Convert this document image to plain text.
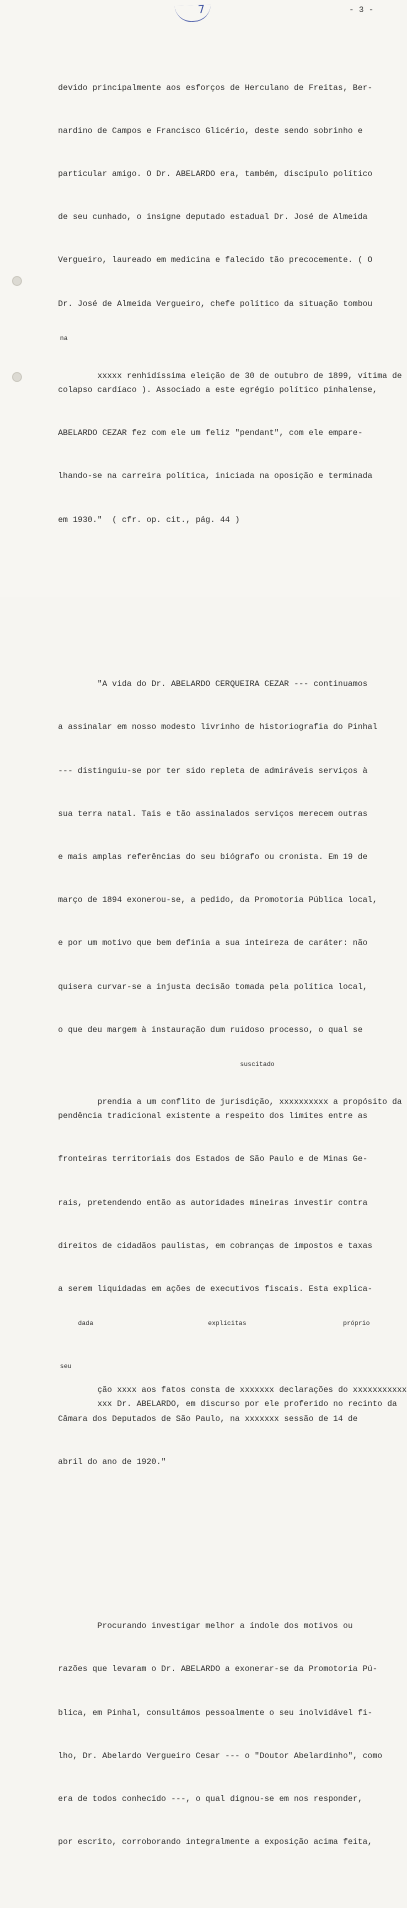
7	- 3 -

devido principalmente aos esforços de Herculano de Freitas, Ber-

nardino de Campos e Francisco Glicério, deste sendo sobrinho e

particular amigo. O Dr. ABELARDO era, também, discípulo político

de seu cunhado, o insigne deputado estadual Dr. José de Almeida

Vergueiro, laureado em medicina e falecido tão precocemente. ( O

Dr. José de Almeida Vergueiro, chefe político da situação tombou

na

xxxxx renhidíssima eleição de 30 de outubro de 1899, vítima de

colapso cardíaco ). Associado a este egrégio político pinhalense,

ABELARDO CEZAR fez com ele um feliz "pendant", com ele empare-

lhando-se na carreira política, iniciada na oposição e terminada

em 1930."  ( cfr. op. cit., pág. 44 )

"A vida do Dr. ABELARDO CERQUEIRA CEZAR --- continuamos

a assinalar em nosso modesto livrinho de historiografia do Pinhal

--- distinguiu-se por ter sido repleta de admiráveis serviços à

sua terra natal. Tais e tão assinalados serviços merecem outras

e mais amplas referências do seu biógrafo ou cronista. Em 19 de

março de 1894 exonerou-se, a pedido, da Promotoria Pública local,

e por um motivo que bem definia a sua inteireza de caráter: não

quisera curvar-se a injusta decisão tomada pela política local,

o que deu margem à instauração dum ruidoso processo, o qual se

suscitado

prendia a um conflito de jurisdição, xxxxxxxxxx a propósito da

pendência tradicional existente a respeito dos limites entre as

fronteiras territoriais dos Estados de São Paulo e de Minas Ge-

rais, pretendendo então as autoridades mineiras investir contra

direitos de cidadãos paulistas, em cobranças de impostos e taxas

a serem liquidadas em ações de executivos fiscais. Esta explica-

dada

	explícitas

	próprio

ção xxxx aos fatos consta de xxxxxxx declarações do xxxxxxxxxxx

seu

xxx Dr. ABELARDO, em discurso por ele proferido no recinto da

Câmara dos Deputados de São Paulo, na xxxxxxx sessão de 14 de

abril do ano de 1920."

Procurando investigar melhor a índole dos motivos ou

razões que levaram o Dr. ABELARDO a exonerar-se da Promotoria Pú-

blica, em Pinhal, consultámos pessoalmente o seu inolvidável fi-

lho, Dr. Abelardo Vergueiro Cesar --- o "Doutor Abelardinho", como

era de todos conhecido ---, o qual dignou-se em nos responder,

por escrito, corroborando integralmente a exposição acima feita,
